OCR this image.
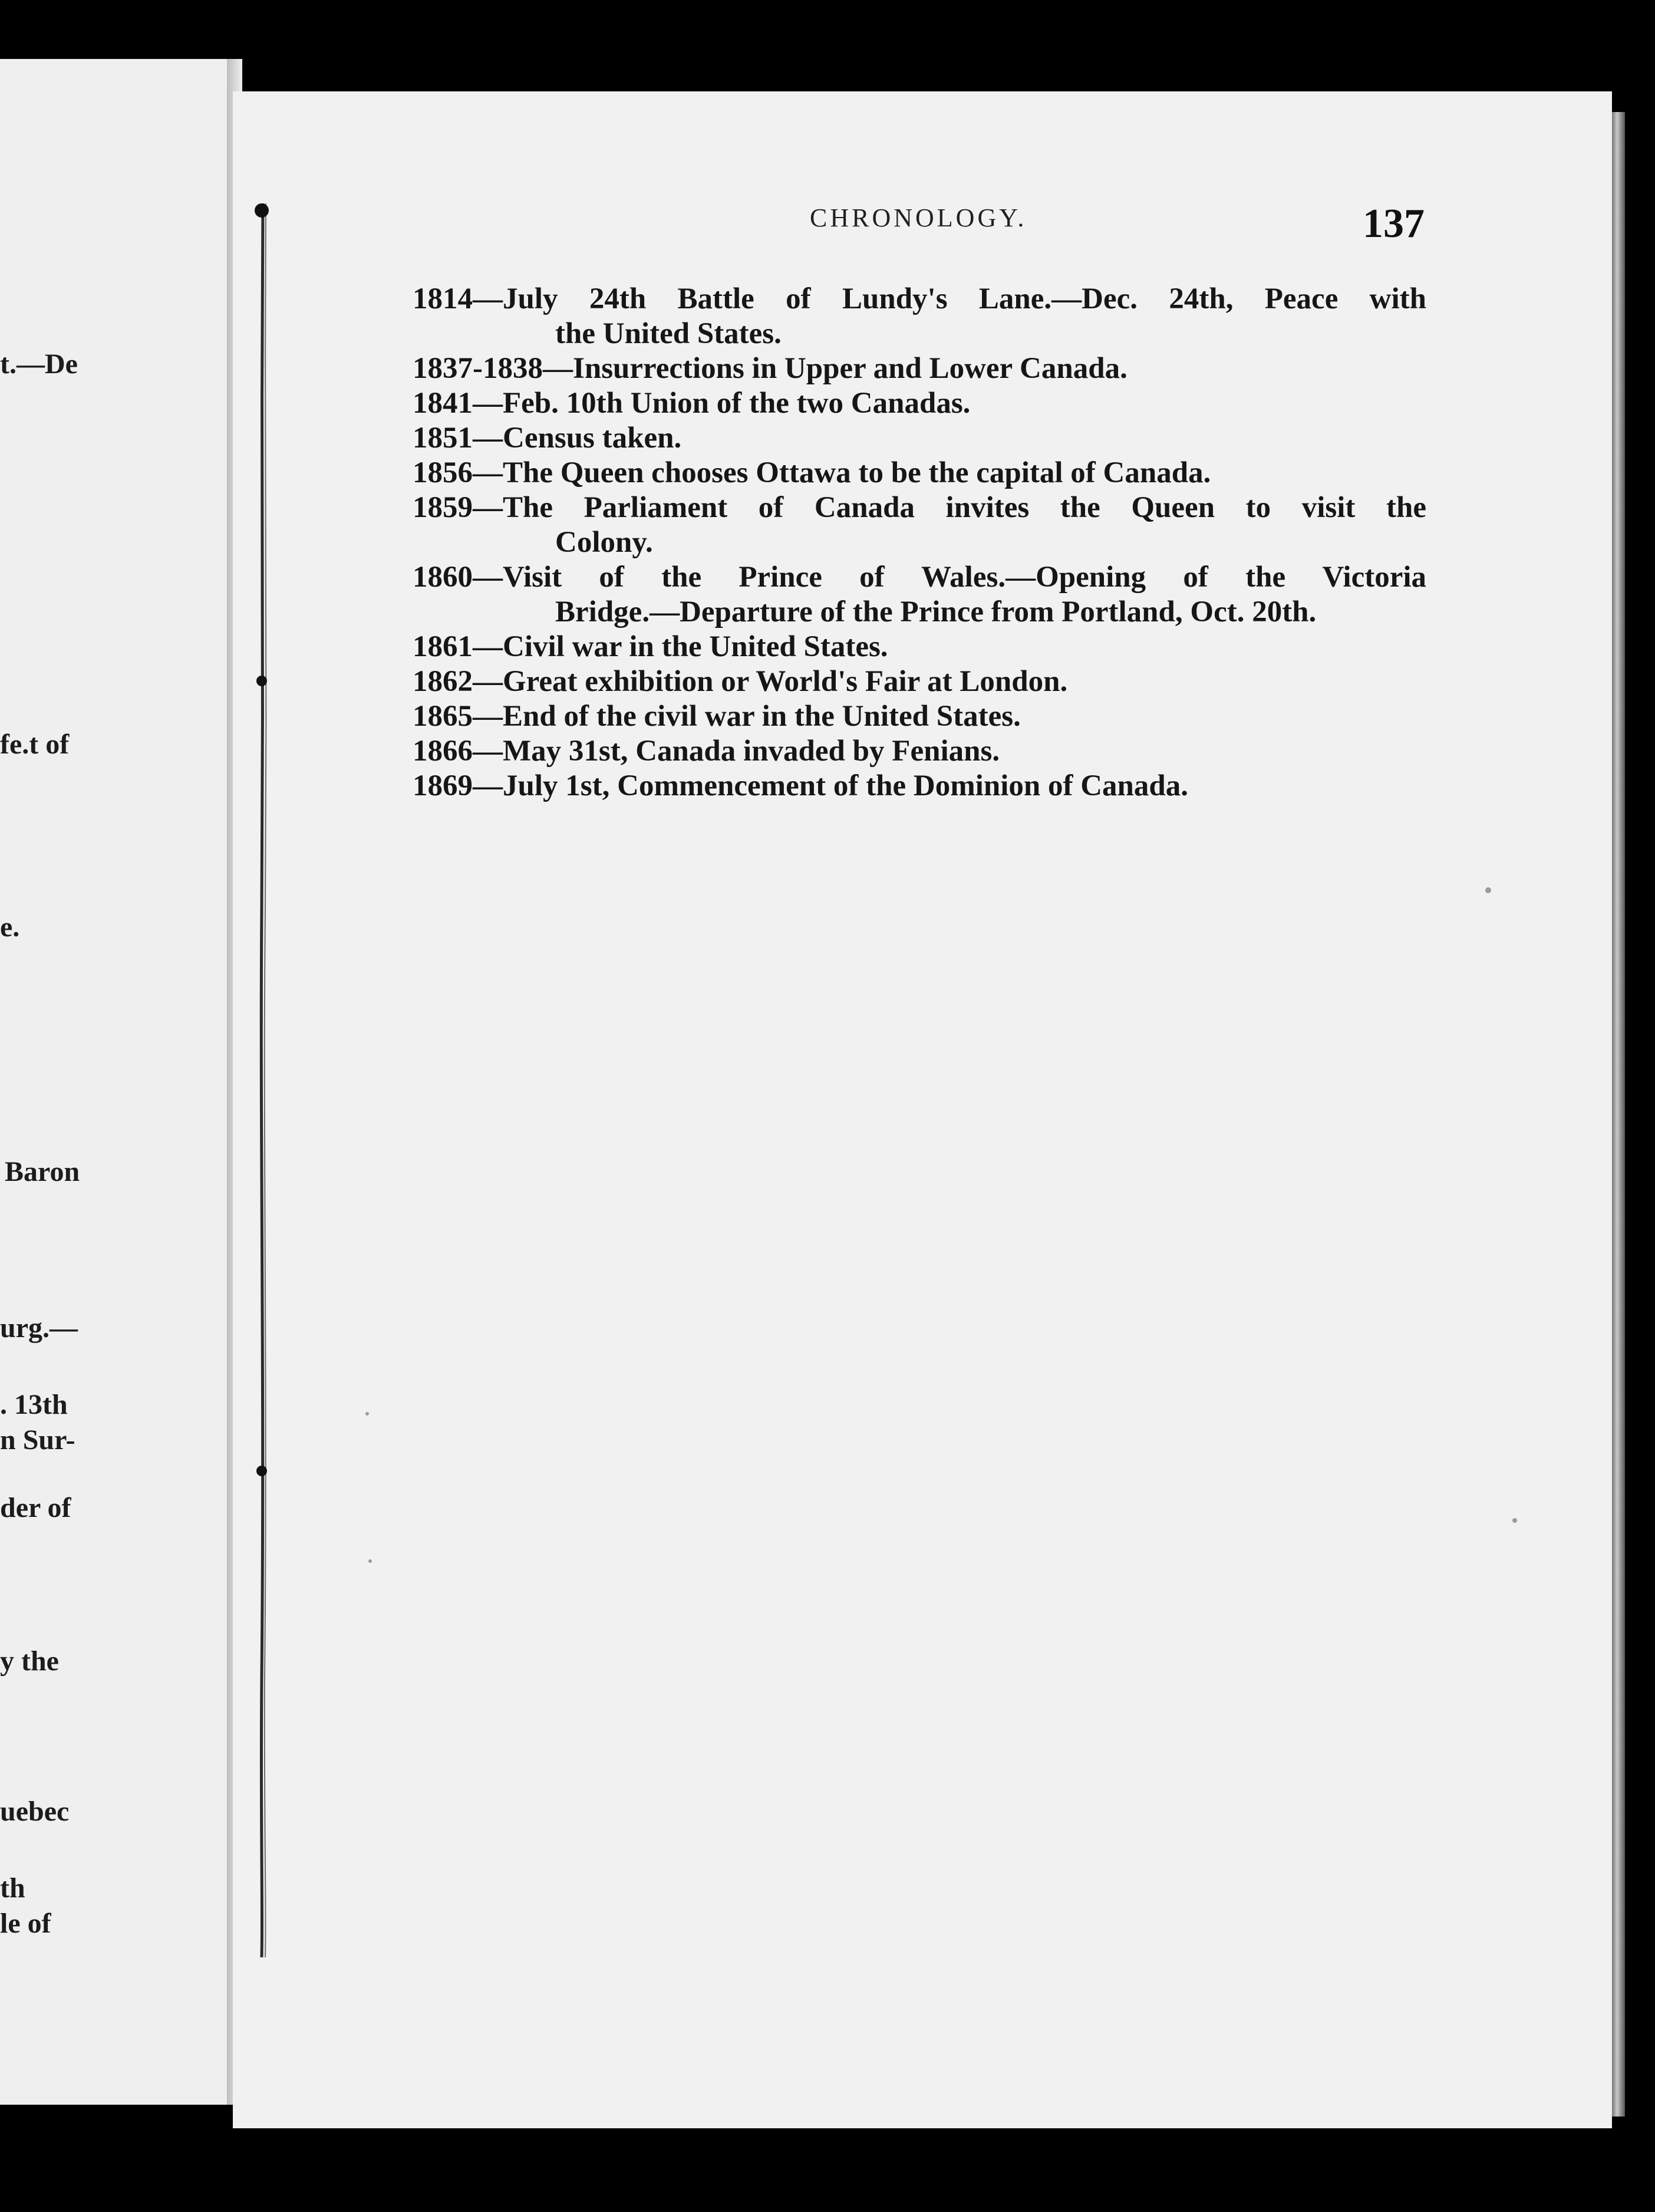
t.—De
fe.t of
e.
Baron
urg.—
. 13th
n Sur-
der of
y the
uebec
th
le of
CHRONOLOGY.	137
1814—July 24th Battle of Lundy's Lane.—Dec. 24th, Peace with
the United States.
1837-1838—Insurrections in Upper and Lower Canada.
1841—Feb. 10th Union of the two Canadas.
1851—Census taken.
1856—The Queen chooses Ottawa to be the capital of Canada.
1859—The Parliament of Canada invites the Queen to visit the
Colony.
1860—Visit of the Prince of Wales.—Opening of the Victoria
Bridge.—Departure of the Prince from Portland, Oct. 20th.
1861—Civil war in the United States.
1862—Great exhibition or World's Fair at London.
1865—End of the civil war in the United States.
1866—May 31st, Canada invaded by Fenians.
1869—July 1st, Commencement of the Dominion of Canada.
